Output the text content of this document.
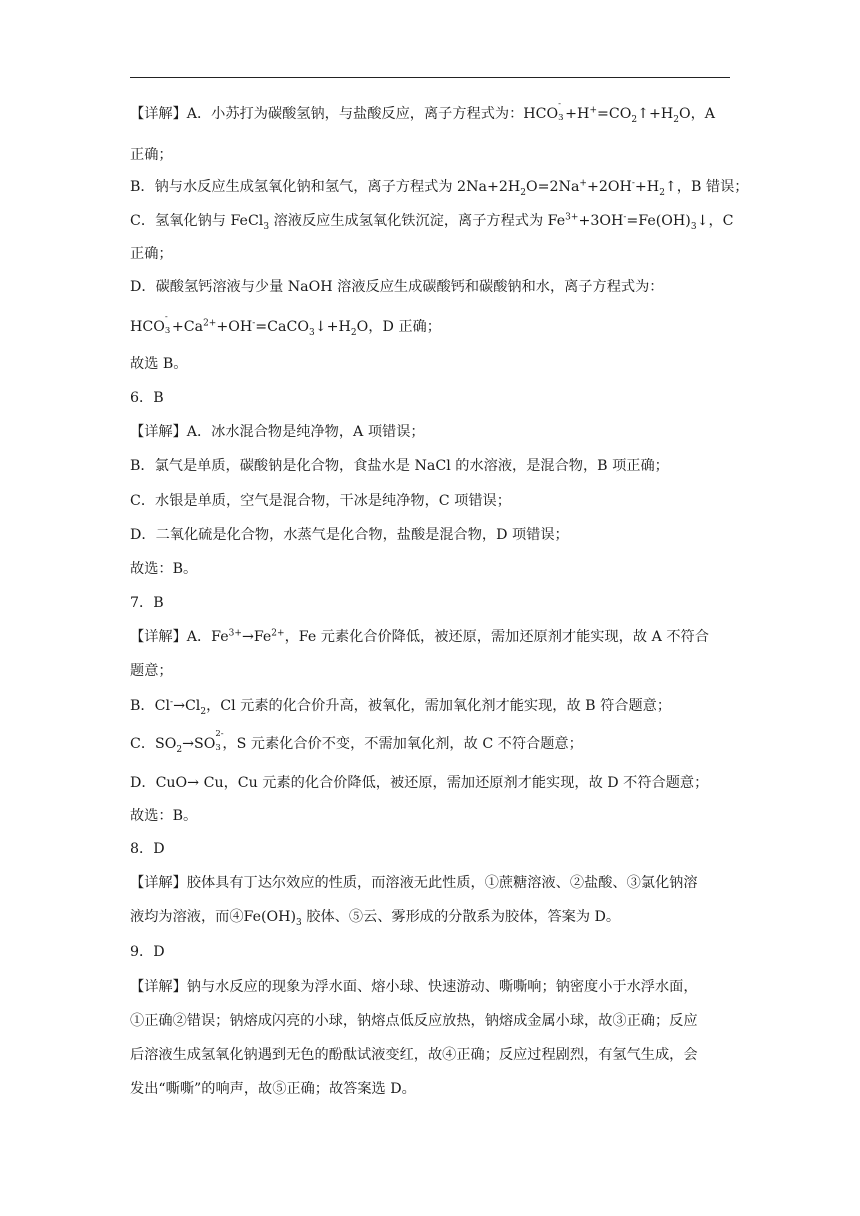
【详解】A．小苏打为碳酸氢钠，与盐酸反应，离子方程式为：HCO
-
$3 +H^+=CO_2↑+H_2O$，A
正确；
B．钠与水反应生成氢氧化钠和氢气，离子方程式为 $2Na+2H_2O=2Na^++2OH^-+H_2↑$，B 错误；
C．氢氧化钠与 FeCl$_3$ 溶液反应生成氢氧化铁沉淀，离子方程式为 $Fe^{3+}+3OH^-=Fe(OH)_3↓$，C
正确；
D．碳酸氢钙溶液与少量 NaOH 溶液反应生成碳酸钙和碳酸钠和水，离子方程式为：
HCO
-
$3 +Ca^{2+}+OH^-=CaCO_3↓+H_2O$，D 正确；
故选 B。
6．B
【详解】A．冰水混合物是纯净物，A 项错误；
B．氯气是单质，碳酸钠是化合物，食盐水是 NaCl 的水溶液，是混合物，B 项正确；
C．水银是单质，空气是混合物，干冰是纯净物，C 项错误；
D．二氧化硫是化合物，水蒸气是化合物，盐酸是混合物，D 项错误；
故选：B。
7．B
【详解】A．$Fe^{3+}\to Fe^{2+}$，Fe 元素化合价降低，被还原，需加还原剂才能实现，故 A 不符合
题意；
B．$Cl^-\to Cl_2$，Cl 元素的化合价升高，被氧化，需加氧化剂才能实现，故 B 符合题意；
C．$SO_2\to SO$
2-
3 ，S 元素化合价不变，不需加氧化剂，故 C 不符合题意；
D．CuO→ Cu，Cu 元素的化合价降低，被还原，需加还原剂才能实现，故 D 不符合题意；
故选：B。
8．D
【详解】胶体具有丁达尔效应的性质，而溶液无此性质，①蔗糖溶液、②盐酸、③氯化钠溶
液均为溶液，而$④Fe(OH)_3$ 胶体、⑤云、雾形成的分散系为胶体，答案为 D。
9．D
【详解】钠与水反应的现象为浮水面、熔小球、快速游动、嘶嘶响；钠密度小于水浮水面，
①正确②错误；钠熔成闪亮的小球，钠熔点低反应放热，钠熔成金属小球，故③正确；反应
后溶液生成氢氧化钠遇到无色的酚酞试液变红，故④正确；反应过程剧烈，有氢气生成，会
发出“嘶嘶”的响声，故⑤正确；故答案选 D。
